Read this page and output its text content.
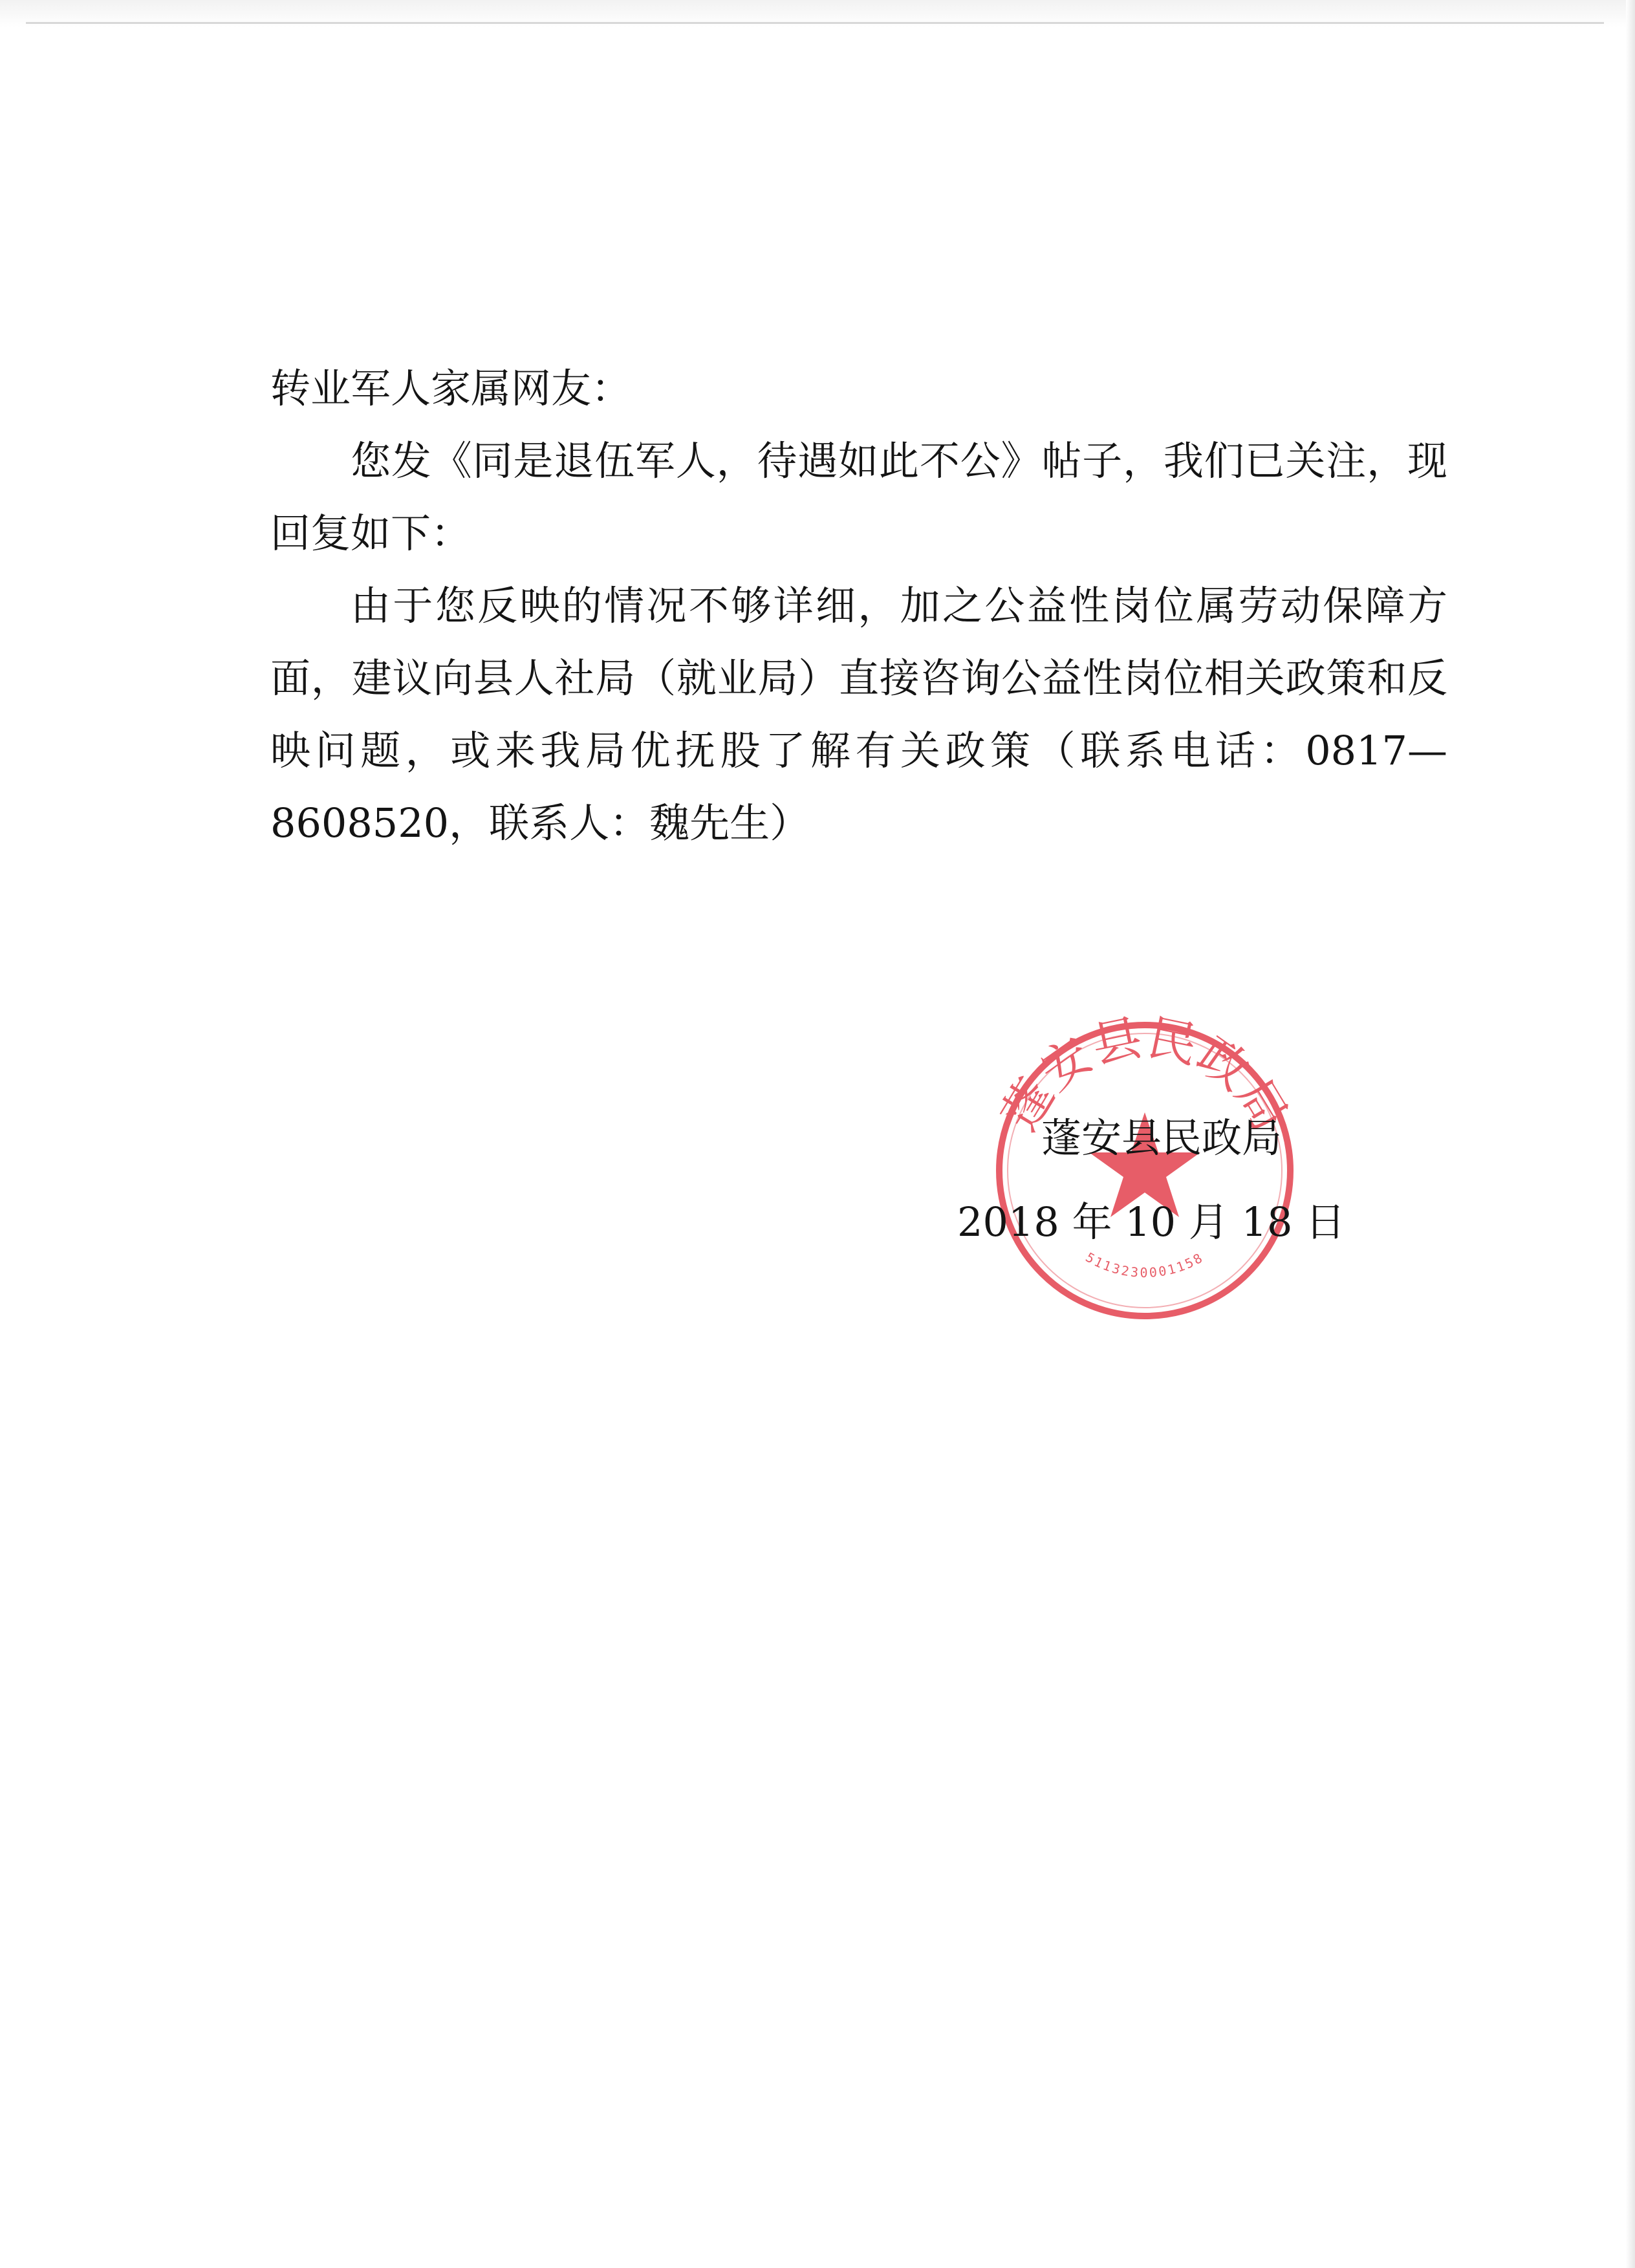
转业军人家属网友：

您发《同是退伍军人，待遇如此不公》帖子，我们已关注，现回复如下：

由于您反映的情况不够详细，加之公益性岗位属劳动保障方面，建议向县人社局（就业局）直接咨询公益性岗位相关政策和反映问题，或来我局优抚股了解有关政策（联系电话：0817—8608520，联系人：魏先生）

蓬安县民政局
5113230001158
蓬安县民政局
2018 年 10 月 18 日
